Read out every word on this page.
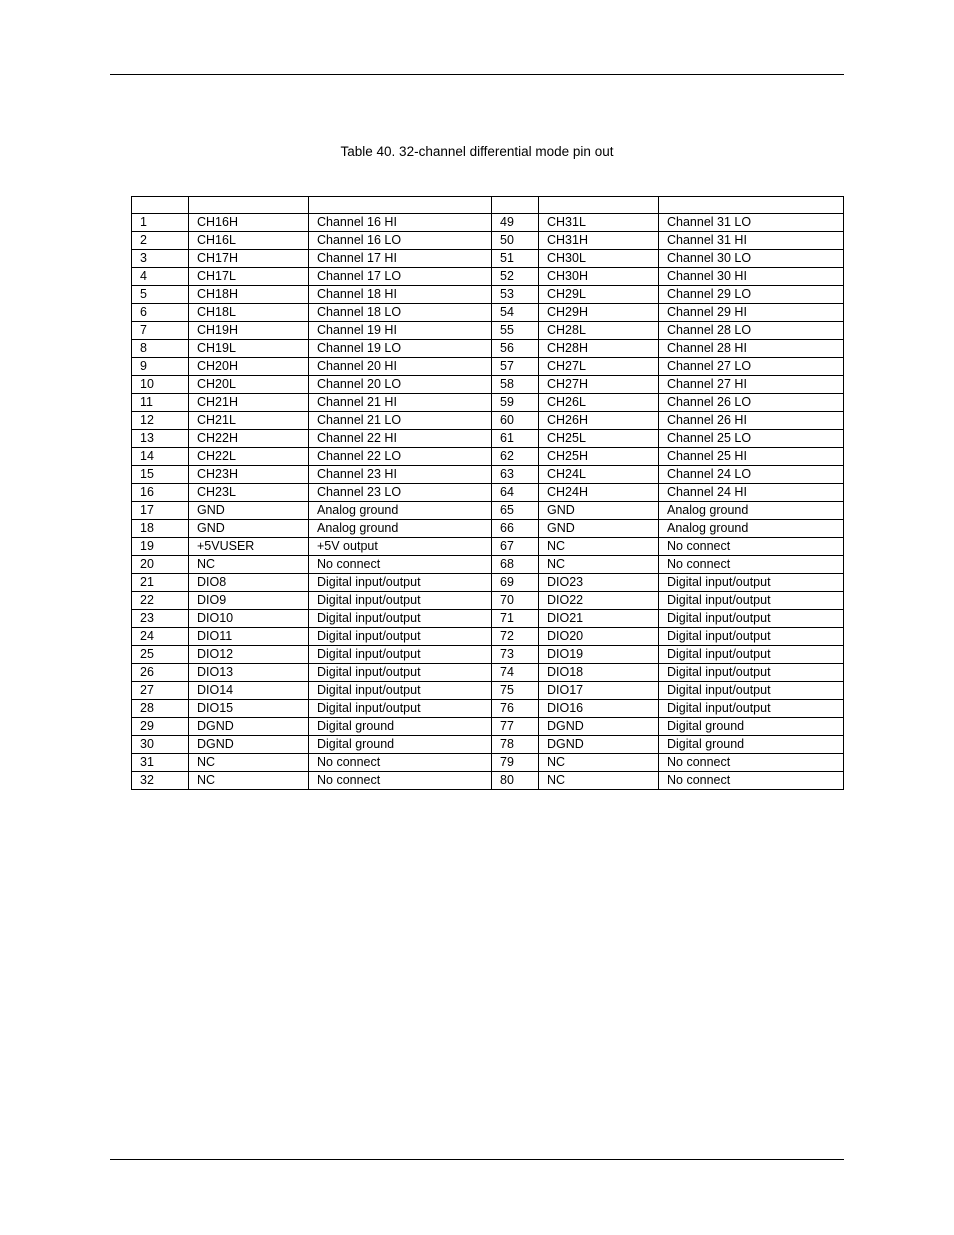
Table 40. 32-channel differential mode pin out

1	CH16H	Channel 16 HI	49	CH31L	Channel 31 LO
2	CH16L	Channel 16 LO	50	CH31H	Channel 31 HI
3	CH17H	Channel 17 HI	51	CH30L	Channel 30 LO
4	CH17L	Channel 17 LO	52	CH30H	Channel 30 HI
5	CH18H	Channel 18 HI	53	CH29L	Channel 29 LO
6	CH18L	Channel 18 LO	54	CH29H	Channel 29 HI
7	CH19H	Channel 19 HI	55	CH28L	Channel 28 LO
8	CH19L	Channel 19 LO	56	CH28H	Channel 28 HI
9	CH20H	Channel 20 HI	57	CH27L	Channel 27 LO
10	CH20L	Channel 20 LO	58	CH27H	Channel 27 HI
11	CH21H	Channel 21 HI	59	CH26L	Channel 26 LO
12	CH21L	Channel 21 LO	60	CH26H	Channel 26 HI
13	CH22H	Channel 22 HI	61	CH25L	Channel 25 LO
14	CH22L	Channel 22 LO	62	CH25H	Channel 25 HI
15	CH23H	Channel 23 HI	63	CH24L	Channel 24 LO
16	CH23L	Channel 23 LO	64	CH24H	Channel 24 HI
17	GND	Analog ground	65	GND	Analog ground
18	GND	Analog ground	66	GND	Analog ground
19	+5VUSER	+5V output	67	NC	No connect
20	NC	No connect	68	NC	No connect
21	DIO8	Digital input/output	69	DIO23	Digital input/output
22	DIO9	Digital input/output	70	DIO22	Digital input/output
23	DIO10	Digital input/output	71	DIO21	Digital input/output
24	DIO11	Digital input/output	72	DIO20	Digital input/output
25	DIO12	Digital input/output	73	DIO19	Digital input/output
26	DIO13	Digital input/output	74	DIO18	Digital input/output
27	DIO14	Digital input/output	75	DIO17	Digital input/output
28	DIO15	Digital input/output	76	DIO16	Digital input/output
29	DGND	Digital ground	77	DGND	Digital ground
30	DGND	Digital ground	78	DGND	Digital ground
31	NC	No connect	79	NC	No connect
32	NC	No connect	80	NC	No connect
